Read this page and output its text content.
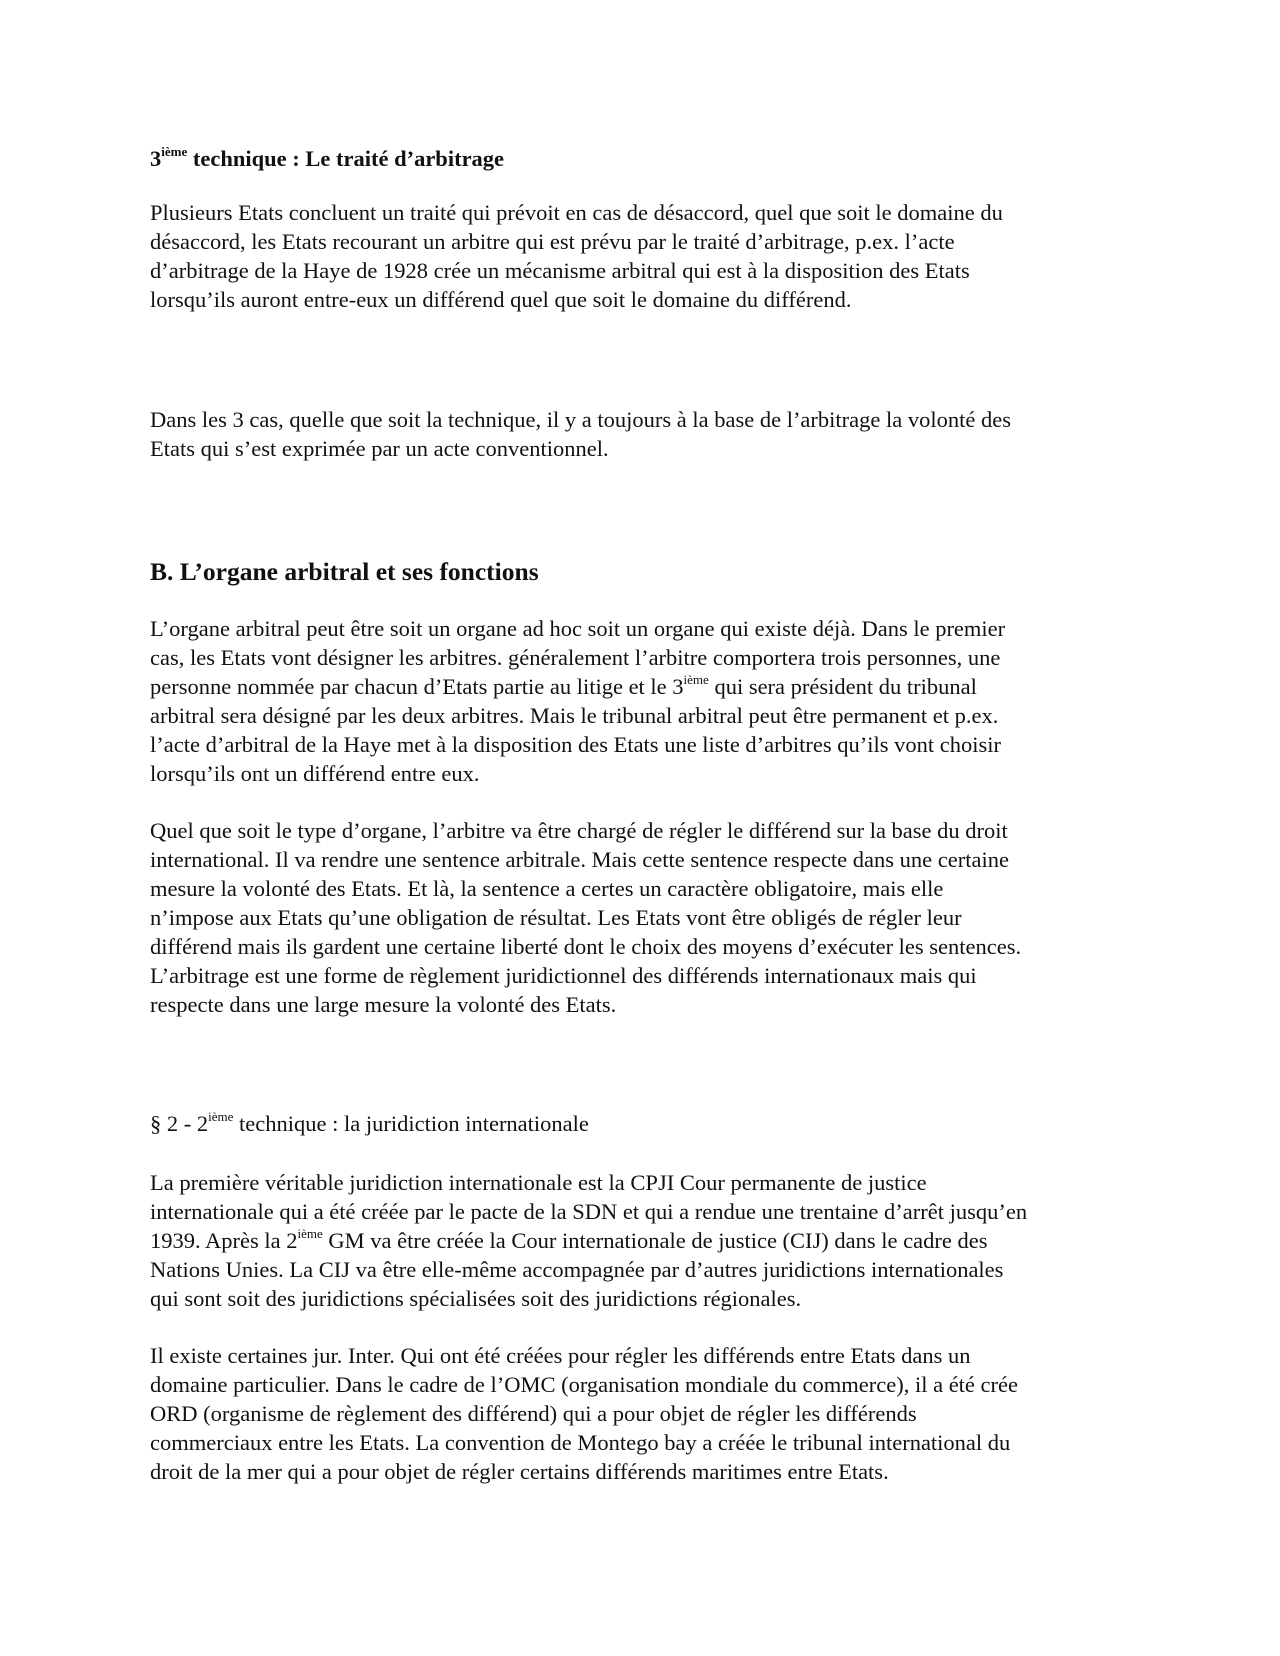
3ième technique : Le traité d’arbitrage
Plusieurs Etats concluent un traité qui prévoit en cas de désaccord, quel que soit le domaine du
désaccord, les Etats recourant un arbitre qui est prévu par le traité d’arbitrage, p.ex. l’acte
d’arbitrage de la Haye de 1928 crée un mécanisme arbitral qui est à la disposition des Etats
lorsqu’ils auront entre-eux un différend quel que soit le domaine du différend.
Dans les 3 cas, quelle que soit la technique, il y a toujours à la base de l’arbitrage la volonté des
Etats qui s’est exprimée par un acte conventionnel.
B. L’organe arbitral et ses fonctions
L’organe arbitral peut être soit un organe ad hoc soit un organe qui existe déjà. Dans le premier
cas, les Etats vont désigner les arbitres. généralement l’arbitre comportera trois personnes, une
personne nommée par chacun d’Etats partie au litige et le 3ième qui sera président du tribunal
arbitral sera désigné par les deux arbitres. Mais le tribunal arbitral peut être permanent et p.ex.
l’acte d’arbitral de la Haye met à la disposition des Etats une liste d’arbitres qu’ils vont choisir
lorsqu’ils ont un différend entre eux.
Quel que soit le type d’organe, l’arbitre va être chargé de régler le différend sur la base du droit
international. Il va rendre une sentence arbitrale. Mais cette sentence respecte dans une certaine
mesure la volonté des Etats. Et là, la sentence a certes un caractère obligatoire, mais elle
n’impose aux Etats qu’une obligation de résultat. Les Etats vont être obligés de régler leur
différend mais ils gardent une certaine liberté dont le choix des moyens d’exécuter les sentences.
L’arbitrage est une forme de règlement juridictionnel des différends internationaux mais qui
respecte dans une large mesure la volonté des Etats.
§ 2 - 2ième technique : la juridiction internationale
La première véritable juridiction internationale est la CPJI Cour permanente de justice
internationale qui a été créée par le pacte de la SDN et qui a rendue une trentaine d’arrêt jusqu’en
1939. Après la 2ième GM va être créée la Cour internationale de justice (CIJ) dans le cadre des
Nations Unies. La CIJ va être elle-même accompagnée par d’autres juridictions internationales
qui sont soit des juridictions spécialisées soit des juridictions régionales.
Il existe certaines jur. Inter. Qui ont été créées pour régler les différends entre Etats dans un
domaine particulier. Dans le cadre de l’OMC (organisation mondiale du commerce), il a été crée
ORD (organisme de règlement des différend) qui a pour objet de régler les différends
commerciaux entre les Etats. La convention de Montego bay a créée le tribunal international du
droit de la mer qui a pour objet de régler certains différends maritimes entre Etats.
